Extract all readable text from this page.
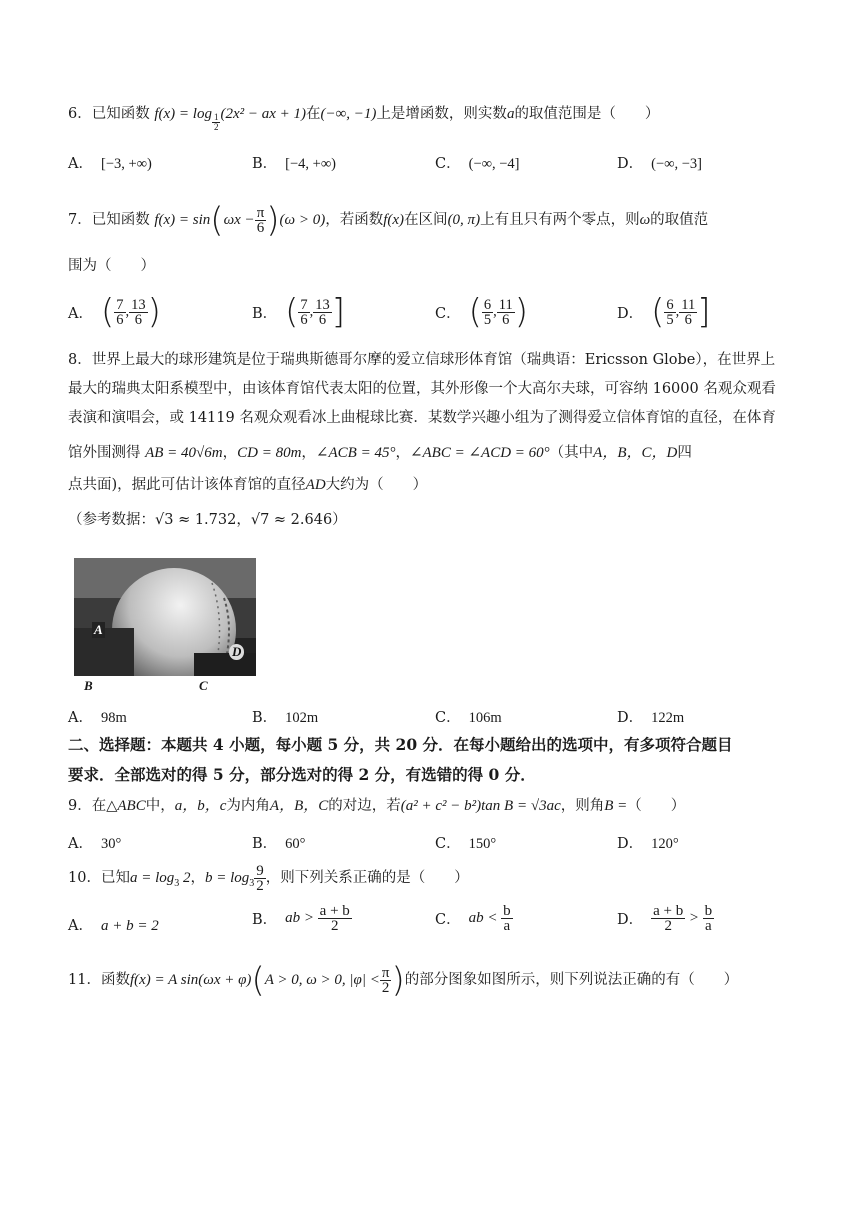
6．已知函数 $f(x) = \log \frac{1}{2} (2x^2$ − ax + 1)在(−∞, −1)上是增函数，则实数a的取值范围是（　　）
A． [−3, +∞)	B． [−4, +∞)	C． (−∞, −4]	D． (−∞, −3]
7．已知函数 $f(x) = \sin(\omega x - \frac{\pi}{6} )(\omega > 0)$，若函数f(x)在区间(0, π)上有且只有两个零点，则ω的取值范
围为（　　）
A． ( $\frac{7}{6}$ , $\frac{13}{6}$ )	B． ( $\frac{7}{6}$ , $\frac{13}{6}$ ]	C． ( $\frac{6}{5}$ , $\frac{11}{6}$ )	D． ( $\frac{6}{5}$ , $\frac{11}{6}$ ]
8．世界上最大的球形建筑是位于瑞典斯德哥尔摩的爱立信球形体育馆（瑞典语：Ericsson Globe），在世界上
最大的瑞典太阳系模型中，由该体育馆代表太阳的位置，其外形像一个大高尔夫球，可容纳 16000 名观众观看
表演和演唱会，或 14119 名观众观看冰上曲棍球比赛．某数学兴趣小组为了测得爱立信体育馆的直径，在体育
馆外围测得 AB = 40√6m，CD = 80m，∠ACB = 45°，∠ABC = ∠ACD = 60°（其中A，B，C，D四
点共面)，据此可估计该体育馆的直径AD大约为（　　）
（参考数据：√3 ≈ 1.732，√7 ≈ 2.646）
A
D
B	C
A． 98m	B． 102m	C． 106m	D． 122m
二、选择题：本题共 4 小题，每小题 5 分，共 20 分．在每小题给出的选项中，有多项符合题目
要求．全部选对的得 5 分，部分选对的得 2 分，有选错的得 0 分．
9．在△ABC中，a，b，c为内角A，B，C的对边，若(a² + c² − b²)tan B = √3ac，则角B =（　　）
A． 30°	B． 60°	C． 150°	D． 120°
10．已知$a = \log_3 2$，$b = \log_3 \frac{9}{2}$ ，则下列关系正确的是（　　）
A． a + b = 2	B． ab > $\frac{a + b}{2}$	C． ab < $\frac{b}{a}$	D． $\frac{a + b}{2} > \frac{b}{a}$
11．函数f(x) = A sin(ωx + φ)(A > 0, ω > 0, $|\varphi| < \frac{\pi}{2}$ )的部分图象如图所示，则下列说法正确的有（　　）
